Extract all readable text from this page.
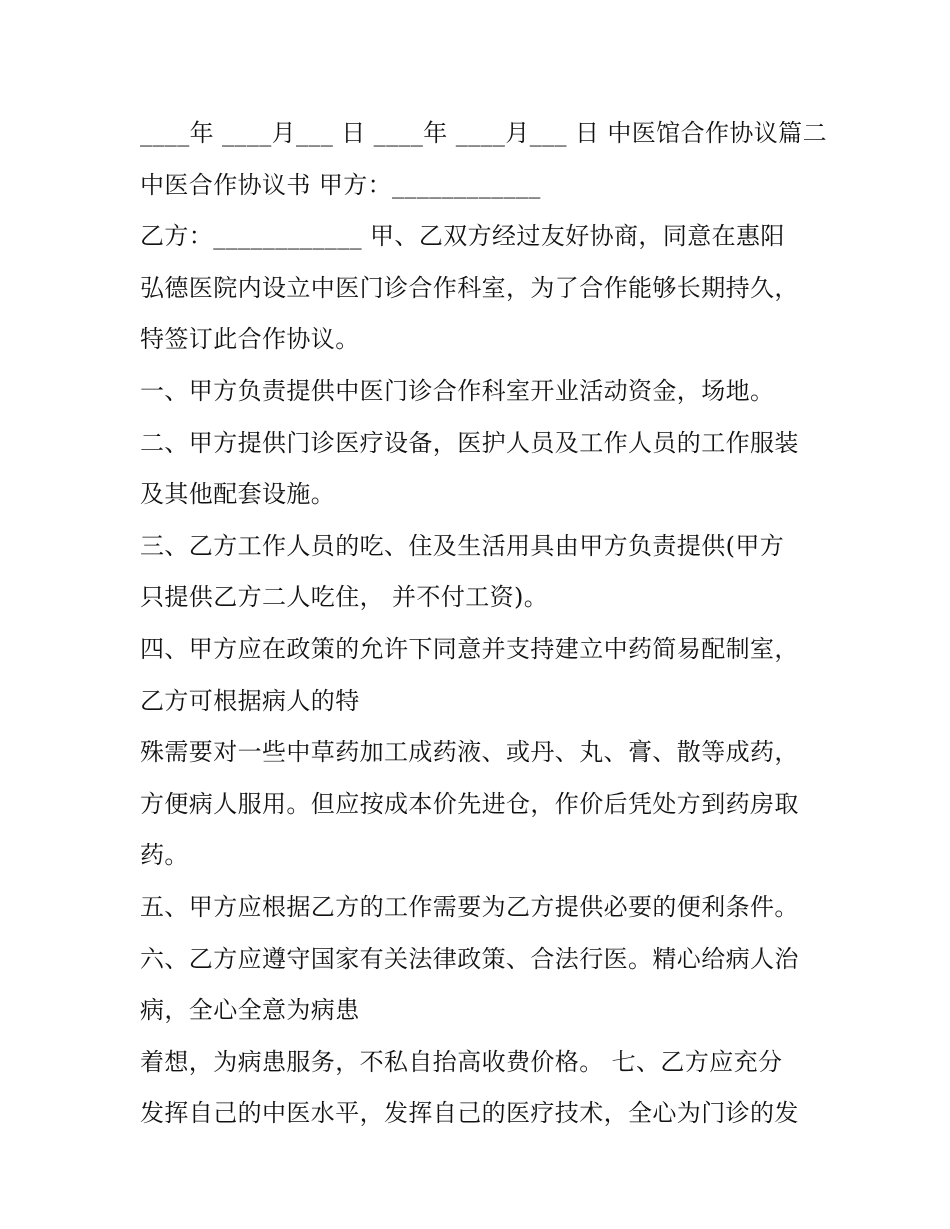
____年 ____月___ 日 ____年 ____月___ 日 中医馆合作协议篇二
中医合作协议书 甲方：____________
乙方：____________ 甲、乙双方经过友好协商，同意在惠阳
弘德医院内设立中医门诊合作科室，为了合作能够长期持久，
特签订此合作协议。
一、甲方负责提供中医门诊合作科室开业活动资金，场地。
二、甲方提供门诊医疗设备，医护人员及工作人员的工作服装
及其他配套设施。
三、乙方工作人员的吃、住及生活用具由甲方负责提供(甲方
只提供乙方二人吃住， 并不付工资)。
四、甲方应在政策的允许下同意并支持建立中药简易配制室，
乙方可根据病人的特
殊需要对一些中草药加工成药液、或丹、丸、膏、散等成药，
方便病人服用。但应按成本价先进仓，作价后凭处方到药房取
药。
五、甲方应根据乙方的工作需要为乙方提供必要的便利条件。
六、乙方应遵守国家有关法律政策、合法行医。精心给病人治
病，全心全意为病患
着想，为病患服务，不私自抬高收费价格。 七、乙方应充分
发挥自己的中医水平，发挥自己的医疗技术，全心为门诊的发
